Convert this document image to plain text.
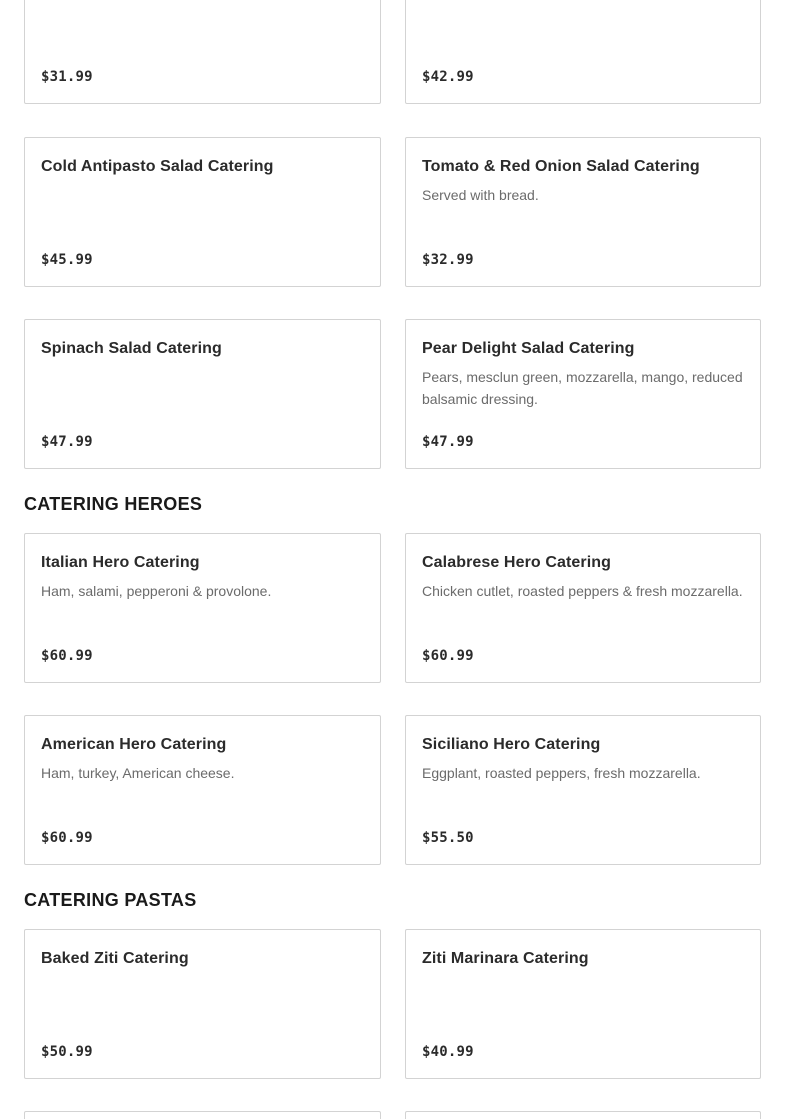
$31.99	$42.99
Cold Antipasto Salad Catering
$45.99
Tomato & Red Onion Salad Catering
Served with bread.
$32.99
Spinach Salad Catering
$47.99
Pear Delight Salad Catering
Pears, mesclun green, mozzarella, mango, reduced balsamic dressing.
$47.99
CATERING HEROES
Italian Hero Catering
Ham, salami, pepperoni & provolone.
$60.99
Calabrese Hero Catering
Chicken cutlet, roasted peppers & fresh mozzarella.
$60.99
American Hero Catering
Ham, turkey, American cheese.
$60.99
Siciliano Hero Catering
Eggplant, roasted peppers, fresh mozzarella.
$55.50
CATERING PASTAS
Baked Ziti Catering
$50.99
Ziti Marinara Catering
$40.99
